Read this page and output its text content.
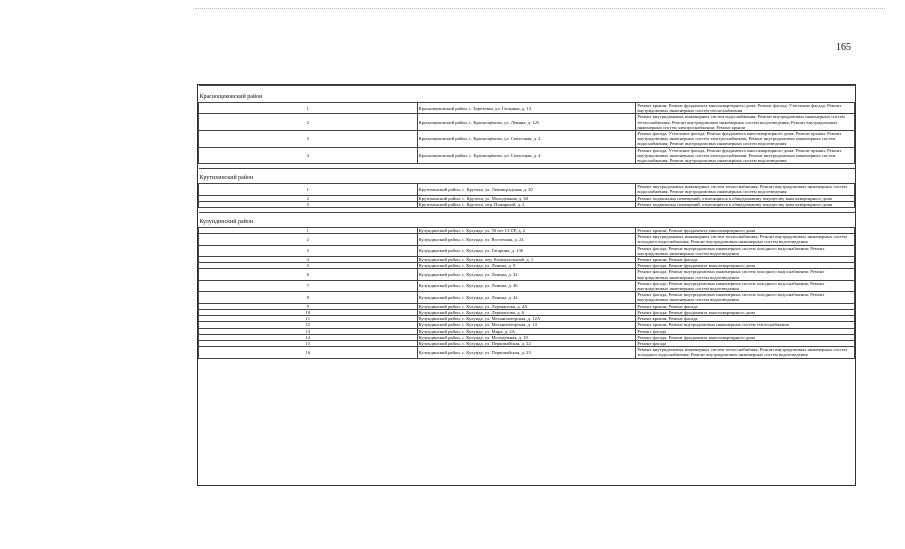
165
Краснощековский район		
1	Краснощековский район, с. Берёзовка, ул. Гагарина, д. 13	Ремонт крыши; Ремонт фундамента многоквартирного дома; Ремонт фасада; Утепление фасада; Ремонт внутридомовых инженерных систем теплоснабжения
2	Краснощековский район, с. Краснощёково, ул. Ленина, д. 125	Ремонт внутридомовых инженерных систем водоснабжения; Ремонт внутридомовых инженерных систем теплоснабжения; Ремонт внутридомовых инженерных систем водоотведения; Ремонт внутридомовых инженерных систем электроснабжения; Ремонт крыши
3	Краснощековский район, с. Краснощёково, ул. Совхозная, д. 2	Ремонт фасада; Утепление фасада; Ремонт фундамента многоквартирного дома; Ремонт крыши; Ремонт внутридомовых инженерных систем электроснабжения; Ремонт внутридомовых инженерных систем водоснабжения; Ремонт внутридомовых инженерных систем водоотведения
4	Краснощековский район, с. Краснощёково, ул. Совхозная, д. 4	Ремонт фасада; Утепление фасада; Ремонт фундамента многоквартирного дома; Ремонт крыши; Ремонт внутридомовых инженерных систем электроснабжения; Ремонт внутридомовых инженерных систем водоснабжения; Ремонт внутридомовых инженерных систем водоотведения

Крутихинский район		
1	Крутихинский район, с. Крутиха, ул. Ленинградская, д. 20	Ремонт внутридомовых инженерных систем теплоснабжения; Ремонт внутридомовых инженерных систем водоснабжения; Ремонт внутридомовых инженерных систем водоотведения
2	Крутихинский район, с. Крутиха, ул. Молодежная, д. 60	Ремонт подвальных помещений, относящихся к общедомовому имуществу многоквартирного дома
3	Крутихинский район, с. Крутиха, пер. Пожарный, д. 2	Ремонт подвальных помещений, относящихся к общедомовому имуществу многоквартирного дома

Кулундинский район		
1	Кулундинский район, с. Кулунда, ул. 50 лет СССР, д. 2	Ремонт крыши; Ремонт фундамента многоквартирного дома
2	Кулундинский район, с. Кулунда, ул. Восточная, д. 24	Ремонт внутридомовых инженерных систем теплоснабжения; Ремонт внутридомовых инженерных систем холодного водоснабжения; Ремонт внутридомовых инженерных систем водоотведения
3	Кулундинский район, с. Кулунда, ул. Гагарина, д. 136	Ремонт фасада; Ремонт внутридомовых инженерных систем холодного водоснабжения; Ремонт внутридомовых инженерных систем водоотведения
4	Кулундинский район, с. Кулунда, пер. Коммунальный, д. 1	Ремонт крыши; Ремонт фасада
5	Кулундинский район, с. Кулунда, ул. Ленина, д. 9	Ремонт фасада; Ремонт фундамента многоквартирного дома
6	Кулундинский район, с. Кулунда, ул. Ленина, д. 32	Ремонт фасада; Ремонт внутридомовых инженерных систем холодного водоснабжения; Ремонт внутридомовых инженерных систем водоотведения
7	Кулундинский район, с. Кулунда, ул. Ленина, д. 40	Ремонт фасада; Ремонт внутридомовых инженерных систем холодного водоснабжения; Ремонт внутридомовых инженерных систем водоотведения
8	Кулундинский район, с. Кулунда, ул. Ленина, д. 42	Ремонт фасада; Ремонт внутридомовых инженерных систем холодного водоснабжения; Ремонт внутридомовых инженерных систем водоотведения
9	Кулундинский район, с. Кулунда, ул. Лермонтова, д. 4А	Ремонт крыши; Ремонт фасада
10	Кулундинский район, с. Кулунда, ул. Лермонтова, д. 6	Ремонт фасада; Ремонт фундамента многоквартирного дома
11	Кулундинский район, с. Кулунда, ул. Механизаторская, д. 12А	Ремонт крыши; Ремонт фасада
12	Кулундинский район, с. Кулунда, ул. Механизаторская, д. 14	Ремонт крыши; Ремонт внутридомовых инженерных систем теплоснабжения
13	Кулундинский район, с. Кулунда, ул. Мира, д. 2А	Ремонт фасада
14	Кулундинский район, с. Кулунда, ул. Молодежная, д. 10	Ремонт фасада; Ремонт фундамента многоквартирного дома
15	Кулундинский район, с. Кулунда, ул. Первомайская, д. 22	Ремонт фасада
16	Кулундинский район, с. Кулунда, ул. Первомайская, д. 23	Ремонт внутридомовых инженерных систем теплоснабжения; Ремонт внутридомовых инженерных систем холодного водоснабжения; Ремонт внутридомовых инженерных систем водоотведения
